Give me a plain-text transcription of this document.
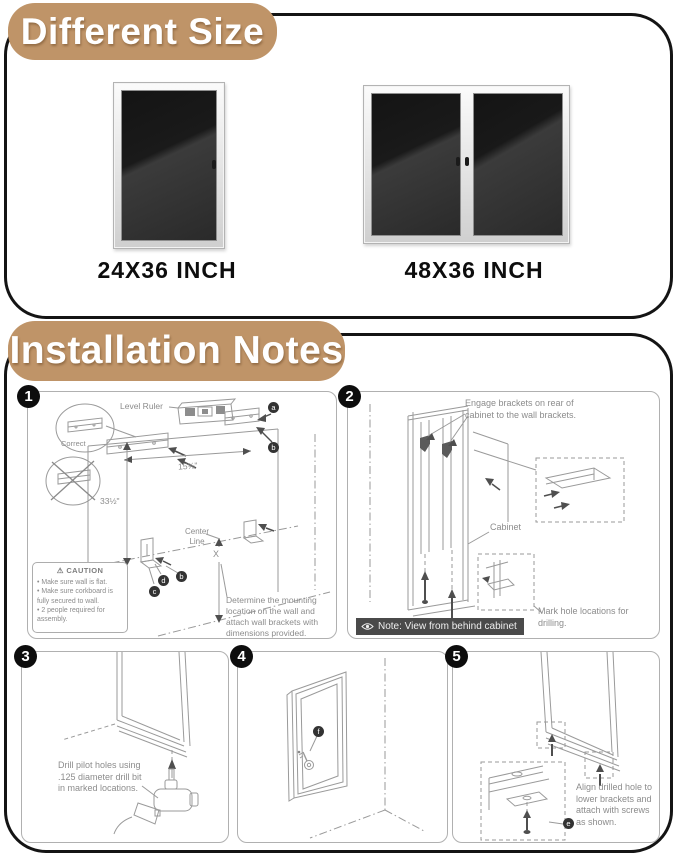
Different Size
24X36 INCH	48X36 INCH
Installation Notes
1	2
3	4	5
Level Ruler
Correct
15⅝"
33½"
Center Line
X
a
b
d	b
c
Determine the mounting location on the wall and attach wall brackets with dimensions provided.
⚠ CAUTION
• Make sure wall is flat.
• Make sure corkboard is fully secured to wall.
• 2 people required for assembly.
Engage brackets on rear of cabinet to the wall brackets.
Cabinet
Mark hole locations for drilling.
Note: View from behind cabinet
Drill pilot holes using .125 diameter drill bit in marked locations.
f
e
Align drilled hole to lower brackets and attach with screws as shown.
